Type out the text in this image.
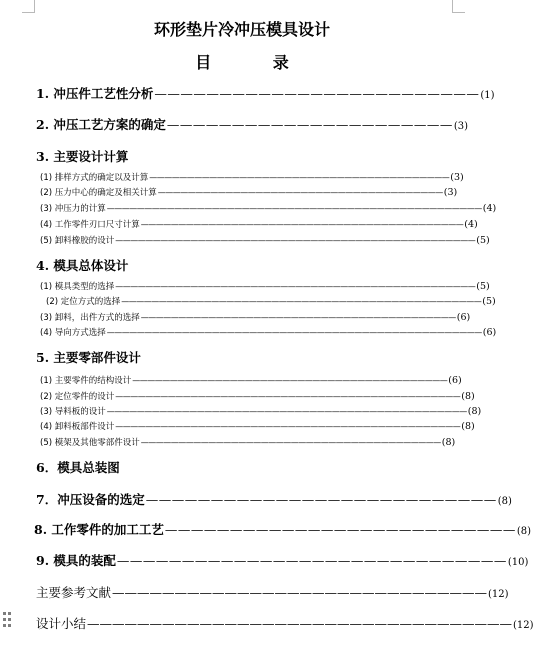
环形垫片冷冲压模具设计
目 录
1. 冲压件工艺性分析 ————————————————————————— (1)
2. 冲压工艺方案的确定 —————————————————————— (3)
3. 主要设计计算
(1) 排样方式的确定以及计算 ———————————————————————————————————————— (3)
(2) 压力中心的确定及相关计算 —————————————————————————————————————— (3)
(3) 冲压力的计算 —————————————————————————————————————————————————— (4)
(4) 工作零件刃口尺寸计算 ——————————————————————————————————————————— (4)
(5) 卸料橡胶的设计 ———————————————————————————————————————————————— (5)
4. 模具总体设计
(1) 模具类型的选择 ———————————————————————————————————————————————— (5)
(2) 定位方式的选择 ———————————————————————————————————————————————— (5)
(3) 卸料，出件方式的选择 —————————————————————————————————————————— (6)
(4) 导向方式选择 —————————————————————————————————————————————————— (6)
5. 主要零部件设计
(1) 主要零件的结构设计 —————————————————————————————————————————— (6)
(2) 定位零件的设计 —————————————————————————————————————————————— (8)
(3) 导料板的设计 ———————————————————————————————————————————————— (8)
(4) 卸料板部件设计 —————————————————————————————————————————————— (8)
(5) 模架及其他零部件设计 ———————————————————————————————————————— (8)
6．模具总装图
7．冲压设备的选定 ——————————————————————————— (8)
8. 工作零件的加工工艺 ——————————————————————————— (8)
9. 模具的装配 —————————————————————————————— (10)
主要参考文献 —————————————————————————————— (12)
设计小结 —————————————————————————————————— (12)
